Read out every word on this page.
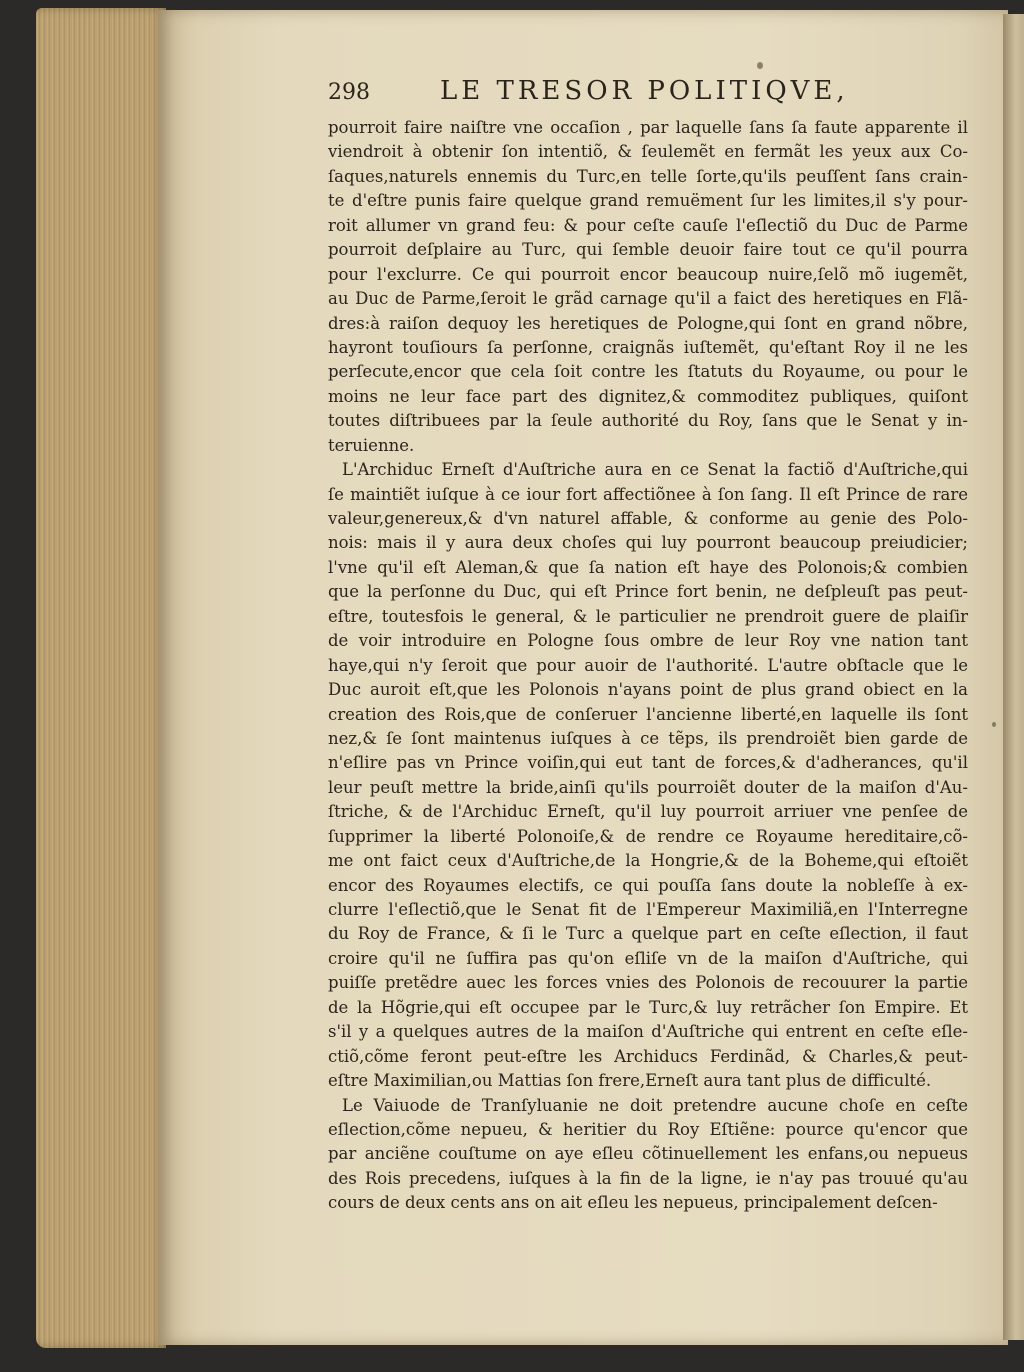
298	LE TRESOR POLITIQVE,
pourroit faire naiſtre vne occaſion , par laquelle ſans ſa faute apparente il
viendroit à obtenir ſon intentiõ, & ſeulemẽt en fermãt les yeux aux Co-
ſaques,naturels ennemis du Turc,en telle ſorte,qu'ils peuſſent ſans crain-
te d'eſtre punis faire quelque grand remuëment ſur les limites,il s'y pour-
roit allumer vn grand feu: & pour ceſte cauſe l'eſlectiõ du Duc de Parme
pourroit deſplaire au Turc, qui ſemble deuoir faire tout ce qu'il pourra
pour l'exclurre. Ce qui pourroit encor beaucoup nuire,ſelõ mõ iugemẽt,
au Duc de Parme,ſeroit le grãd carnage qu'il a faict des heretiques en Flã-
dres:à raiſon dequoy les heretiques de Pologne,qui ſont en grand nõbre,
hayront touſiours ſa perſonne, craignãs iuſtemẽt, qu'eſtant Roy il ne les
perſecute,encor que cela ſoit contre les ſtatuts du Royaume, ou pour le
moins ne leur face part des dignitez,& commoditez publiques, quiſont
toutes diſtribuees par la ſeule authorité du Roy, ſans que le Senat y in-
teruienne.
L'Archiduc Erneſt d'Auſtriche aura en ce Senat la factiõ d'Auſtriche,qui
ſe maintiẽt iuſque à ce iour fort affectiõnee à ſon ſang. Il eſt Prince de rare
valeur,genereux,& d'vn naturel affable, & conforme au genie des Polo-
nois: mais il y aura deux choſes qui luy pourront beaucoup preiudicier;
l'vne qu'il eſt Aleman,& que ſa nation eſt haye des Polonois;& combien
que la perſonne du Duc, qui eſt Prince fort benin, ne deſpleuſt pas peut-
eſtre, toutesfois le general, & le particulier ne prendroit guere de plaiſir
de voir introduire en Pologne ſous ombre de leur Roy vne nation tant
haye,qui n'y ſeroit que pour auoir de l'authorité. L'autre obſtacle que le
Duc auroit eſt,que les Polonois n'ayans point de plus grand obiect en la
creation des Rois,que de conſeruer l'ancienne liberté,en laquelle ils ſont
nez,& ſe ſont maintenus iuſques à ce tẽps, ils prendroiẽt bien garde de
n'eſlire pas vn Prince voiſin,qui eut tant de forces,& d'adherances, qu'il
leur peuſt mettre la bride,ainſi qu'ils pourroiẽt douter de la maiſon d'Au-
ſtriche, & de l'Archiduc Erneſt, qu'il luy pourroit arriuer vne penſee de
ſupprimer la liberté Polonoiſe,& de rendre ce Royaume hereditaire,cõ-
me ont faict ceux d'Auſtriche,de la Hongrie,& de la Boheme,qui eſtoiẽt
encor des Royaumes electifs, ce qui pouſſa ſans doute la nobleſſe à ex-
clurre l'eſlectiõ,que le Senat fit de l'Empereur Maximiliã,en l'Interregne
du Roy de France, & ſi le Turc a quelque part en ceſte eſlection, il faut
croire qu'il ne ſuffira pas qu'on eſliſe vn de la maiſon d'Auſtriche, qui
puiſſe pretẽdre auec les forces vnies des Polonois de recouurer la partie
de la Hõgrie,qui eſt occupee par le Turc,& luy retrãcher ſon Empire. Et
s'il y a quelques autres de la maiſon d'Auſtriche qui entrent en ceſte eſle-
ctiõ,cõme feront peut-eſtre les Archiducs Ferdinãd, & Charles,& peut-
eſtre Maximilian,ou Mattias ſon frere,Erneſt aura tant plus de difficulté.
Le Vaiuode de Tranſyluanie ne doit pretendre aucune choſe en ceſte
eſlection,cõme nepueu, & heritier du Roy Eſtiẽne: pource qu'encor que
par anciẽne couſtume on aye eſleu cõtinuellement les enfans,ou nepueus
des Rois precedens, iuſques à la fin de la ligne, ie n'ay pas trouué qu'au
cours de deux cents ans on ait eſleu les nepueus, principalement deſcen-
